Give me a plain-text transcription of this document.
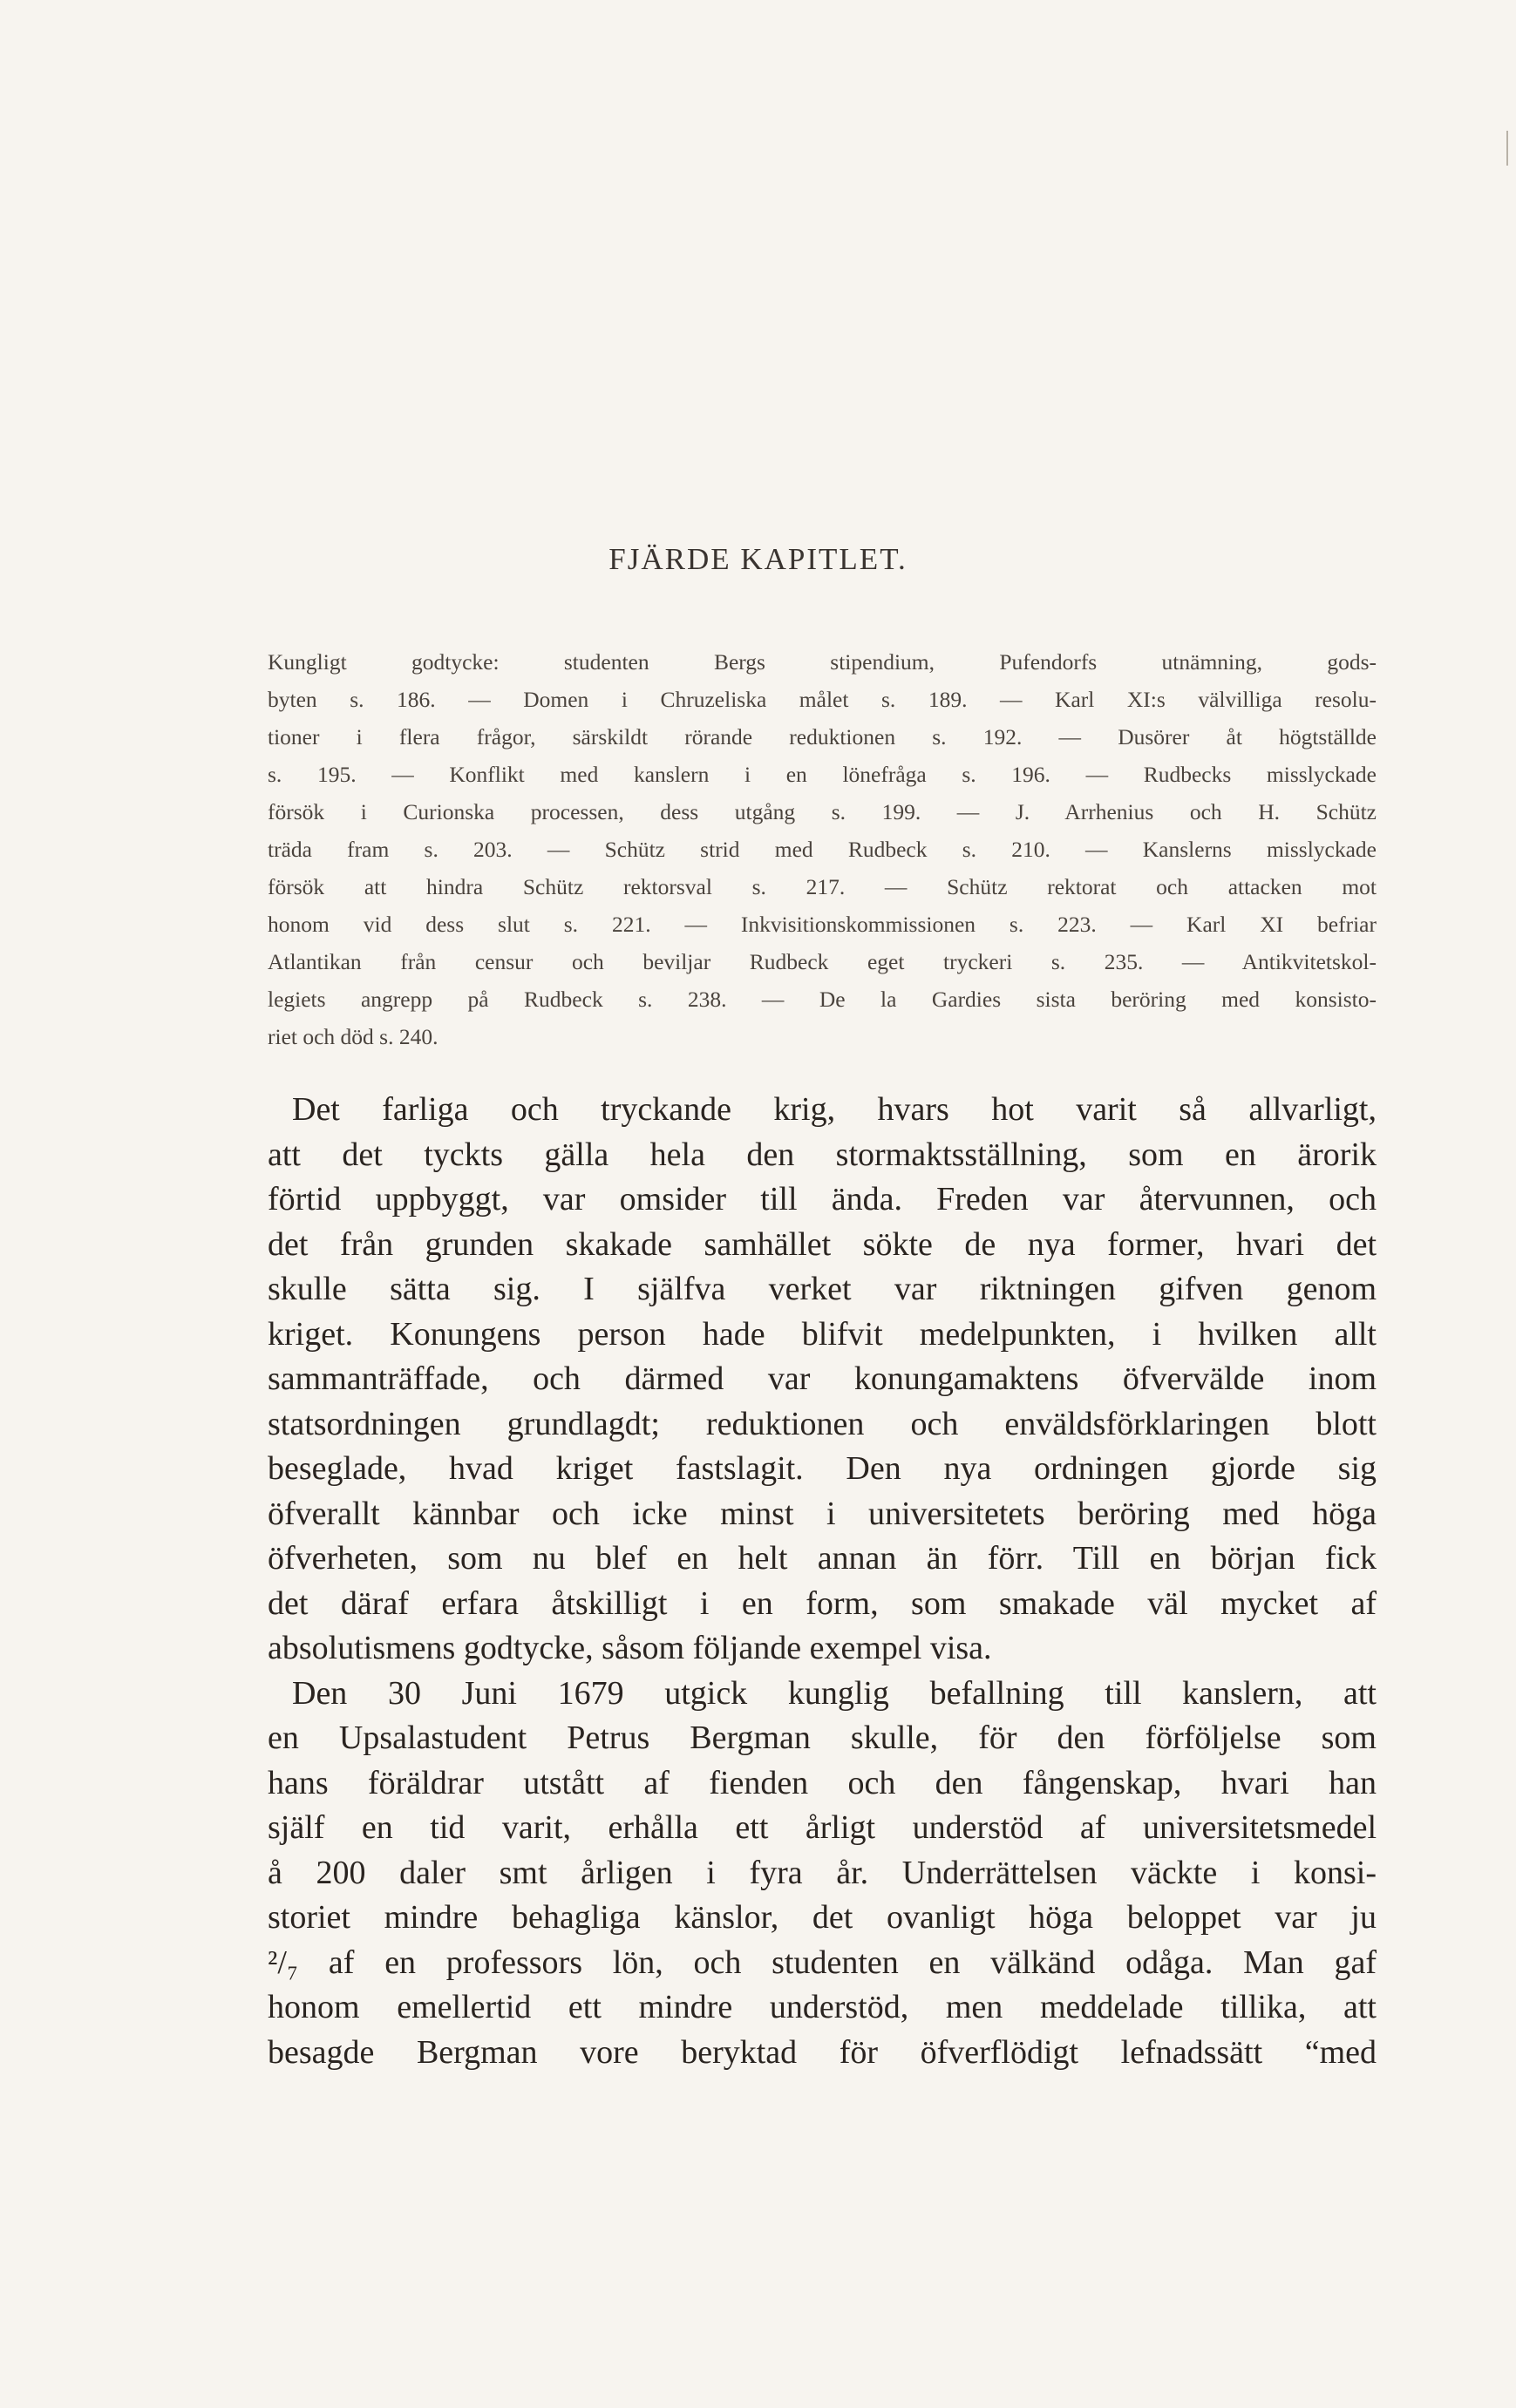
FJÄRDE KAPITLET.
Kungligt godtycke: studenten Bergs stipendium, Pufendorfs utnämning, gods-
byten s. 186. — Domen i Chruzeliska målet s. 189. — Karl XI:s välvilliga resolu-
tioner i flera frågor, särskildt rörande reduktionen s. 192. — Dusörer åt högtställde
s. 195. — Konflikt med kanslern i en lönefråga s. 196. — Rudbecks misslyckade
försök i Curionska processen, dess utgång s. 199. — J. Arrhenius och H. Schütz
träda fram s. 203. — Schütz strid med Rudbeck s. 210. — Kanslerns misslyckade
försök att hindra Schütz rektorsval s. 217. — Schütz rektorat och attacken mot
honom vid dess slut s. 221. — Inkvisitionskommissionen s. 223. — Karl XI befriar
Atlantikan från censur och beviljar Rudbeck eget tryckeri s. 235. — Antikvitetskol-
legiets angrepp på Rudbeck s. 238. — De la Gardies sista beröring med konsisto-
riet och död s. 240.
Det farliga och tryckande krig, hvars hot varit så allvarligt,
att det tyckts gälla hela den stormaktsställning, som en ärorik
förtid uppbyggt, var omsider till ända. Freden var återvunnen, och
det från grunden skakade samhället sökte de nya former, hvari det
skulle sätta sig. I själfva verket var riktningen gifven genom
kriget. Konungens person hade blifvit medelpunkten, i hvilken allt
sammanträffade, och därmed var konungamaktens öfvervälde inom
statsordningen grundlagdt; reduktionen och enväldsförklaringen blott
beseglade, hvad kriget fastslagit. Den nya ordningen gjorde sig
öfverallt kännbar och icke minst i universitetets beröring med höga
öfverheten, som nu blef en helt annan än förr. Till en början fick
det däraf erfara åtskilligt i en form, som smakade väl mycket af
absolutismens godtycke, såsom följande exempel visa.
Den 30 Juni 1679 utgick kunglig befallning till kanslern, att
en Upsalastudent Petrus Bergman skulle, för den förföljelse som
hans föräldrar utstått af fienden och den fångenskap, hvari han
själf en tid varit, erhålla ett årligt understöd af universitetsmedel
å 200 daler smt årligen i fyra år. Underrättelsen väckte i konsi-
storiet mindre behagliga känslor, det ovanligt höga beloppet var ju
²/₇ af en professors lön, och studenten en välkänd odåga. Man gaf
honom emellertid ett mindre understöd, men meddelade tillika, att
besagde Bergman vore beryktad för öfverflödigt lefnadssätt “med
